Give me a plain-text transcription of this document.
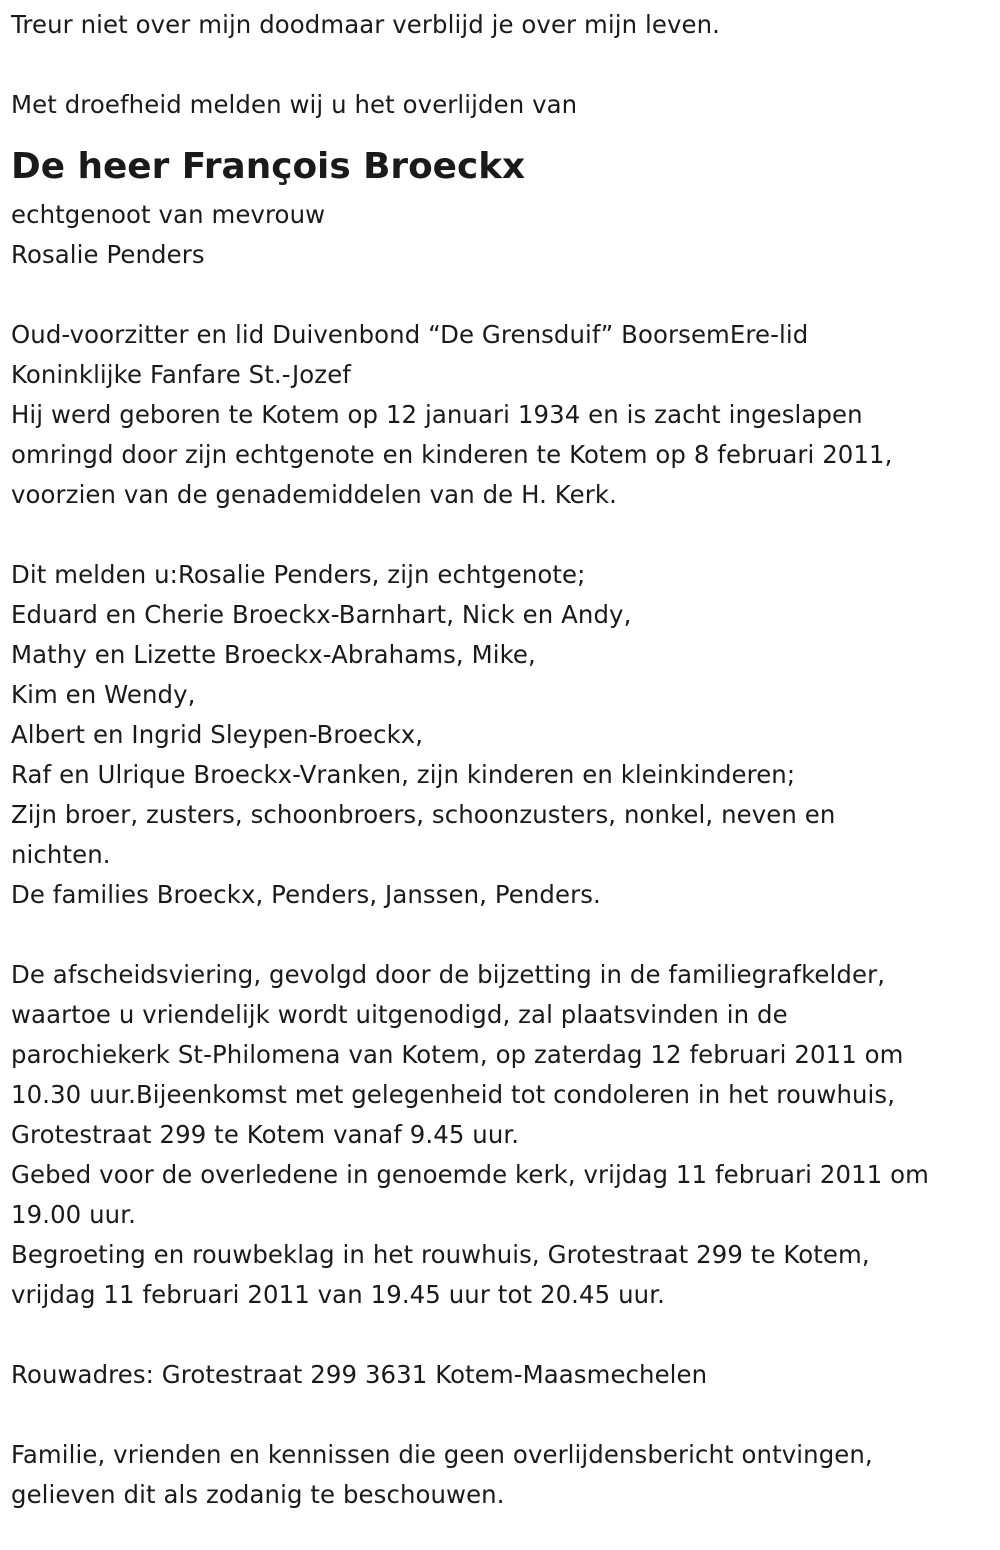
Treur niet over mijn doodmaar verblijd je over mijn leven.
Met droefheid melden wij u het overlijden van
De heer François Broeckx
echtgenoot van mevrouw
Rosalie Penders
Oud-voorzitter en lid Duivenbond “De Grensduif” BoorsemEre-lid
Koninklijke Fanfare St.-Jozef
Hij werd geboren te Kotem op 12 januari 1934 en is zacht ingeslapen
omringd door zijn echtgenote en kinderen te Kotem op 8 februari 2011,
voorzien van de genademiddelen van de H. Kerk.
Dit melden u:Rosalie Penders, zijn echtgenote;
Eduard en Cherie Broeckx-Barnhart, Nick en Andy,
Mathy en Lizette Broeckx-Abrahams, Mike,
Kim en Wendy,
Albert en Ingrid Sleypen-Broeckx,
Raf en Ulrique Broeckx-Vranken, zijn kinderen en kleinkinderen;
Zijn broer, zusters, schoonbroers, schoonzusters, nonkel, neven en
nichten.
De families Broeckx, Penders, Janssen, Penders.
De afscheidsviering, gevolgd door de bijzetting in de familiegrafkelder,
waartoe u vriendelijk wordt uitgenodigd, zal plaatsvinden in de
parochiekerk St-Philomena van Kotem, op zaterdag 12 februari 2011 om
10.30 uur.Bijeenkomst met gelegenheid tot condoleren in het rouwhuis,
Grotestraat 299 te Kotem vanaf 9.45 uur.
Gebed voor de overledene in genoemde kerk, vrijdag 11 februari 2011 om
19.00 uur.
Begroeting en rouwbeklag in het rouwhuis, Grotestraat 299 te Kotem,
vrijdag 11 februari 2011 van 19.45 uur tot 20.45 uur.
Rouwadres: Grotestraat 299 3631 Kotem-Maasmechelen
Familie, vrienden en kennissen die geen overlijdensbericht ontvingen,
gelieven dit als zodanig te beschouwen.
